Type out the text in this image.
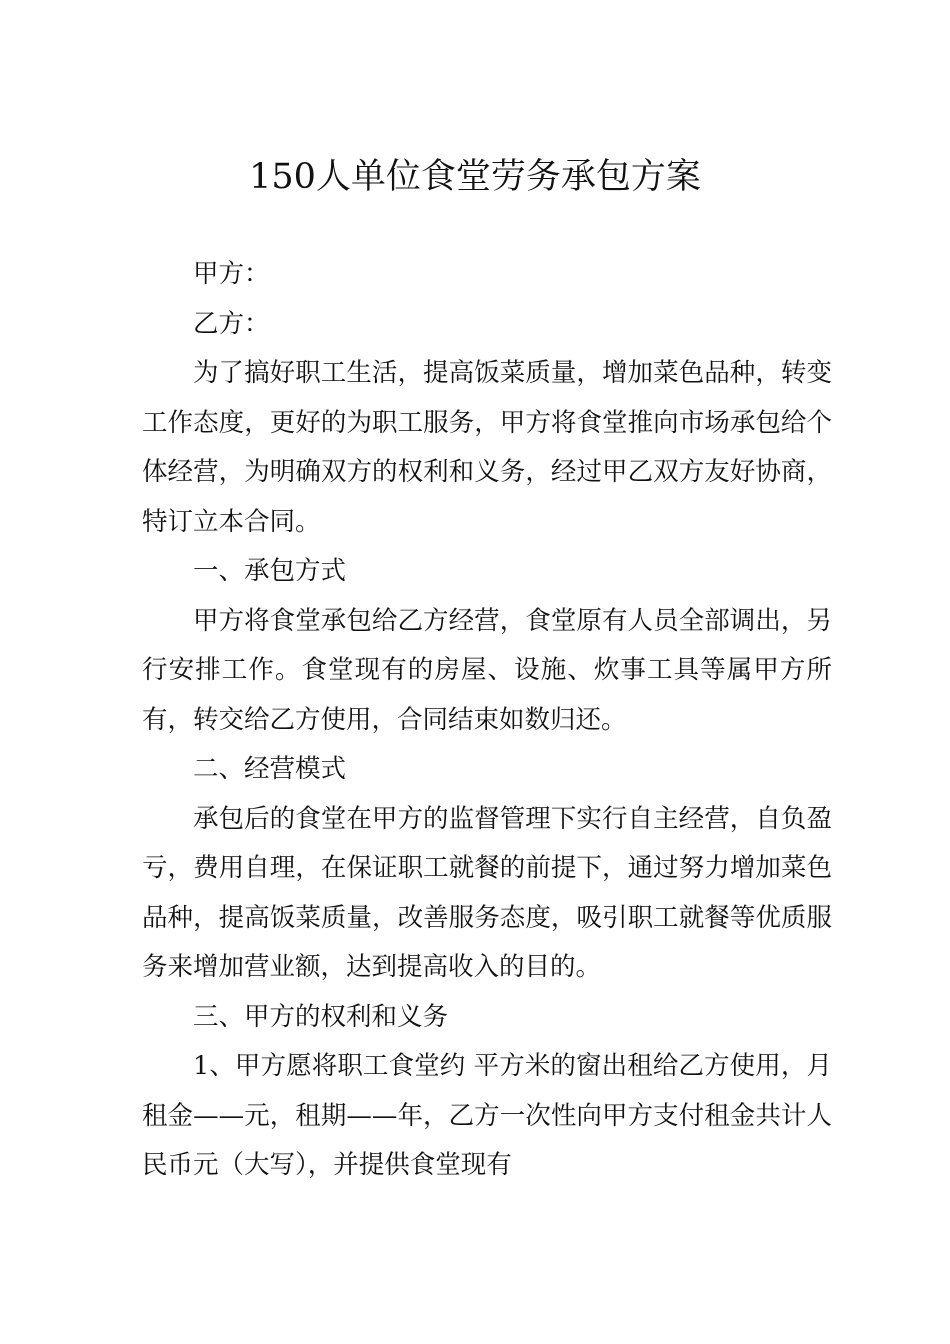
150人单位食堂劳务承包方案
甲方：
乙方：
为了搞好职工生活，提高饭菜质量，增加菜色品种，转变
工作态度，更好的为职工服务，甲方将食堂推向市场承包给个
体经营，为明确双方的权利和义务，经过甲乙双方友好协商，
特订立本合同。
一、承包方式
甲方将食堂承包给乙方经营，食堂原有人员全部调出，另
行安排工作。食堂现有的房屋、设施、炊事工具等属甲方所
有，转交给乙方使用，合同结束如数归还。
二、经营模式
承包后的食堂在甲方的监督管理下实行自主经营，自负盈
亏，费用自理，在保证职工就餐的前提下，通过努力增加菜色
品种，提高饭菜质量，改善服务态度，吸引职工就餐等优质服
务来增加营业额，达到提高收入的目的。
三、甲方的权利和义务
1、甲方愿将职工食堂约 平方米的窗出租给乙方使用，月
租金——元，租期——年，乙方一次性向甲方支付租金共计人
民币元（大写），并提供食堂现有
